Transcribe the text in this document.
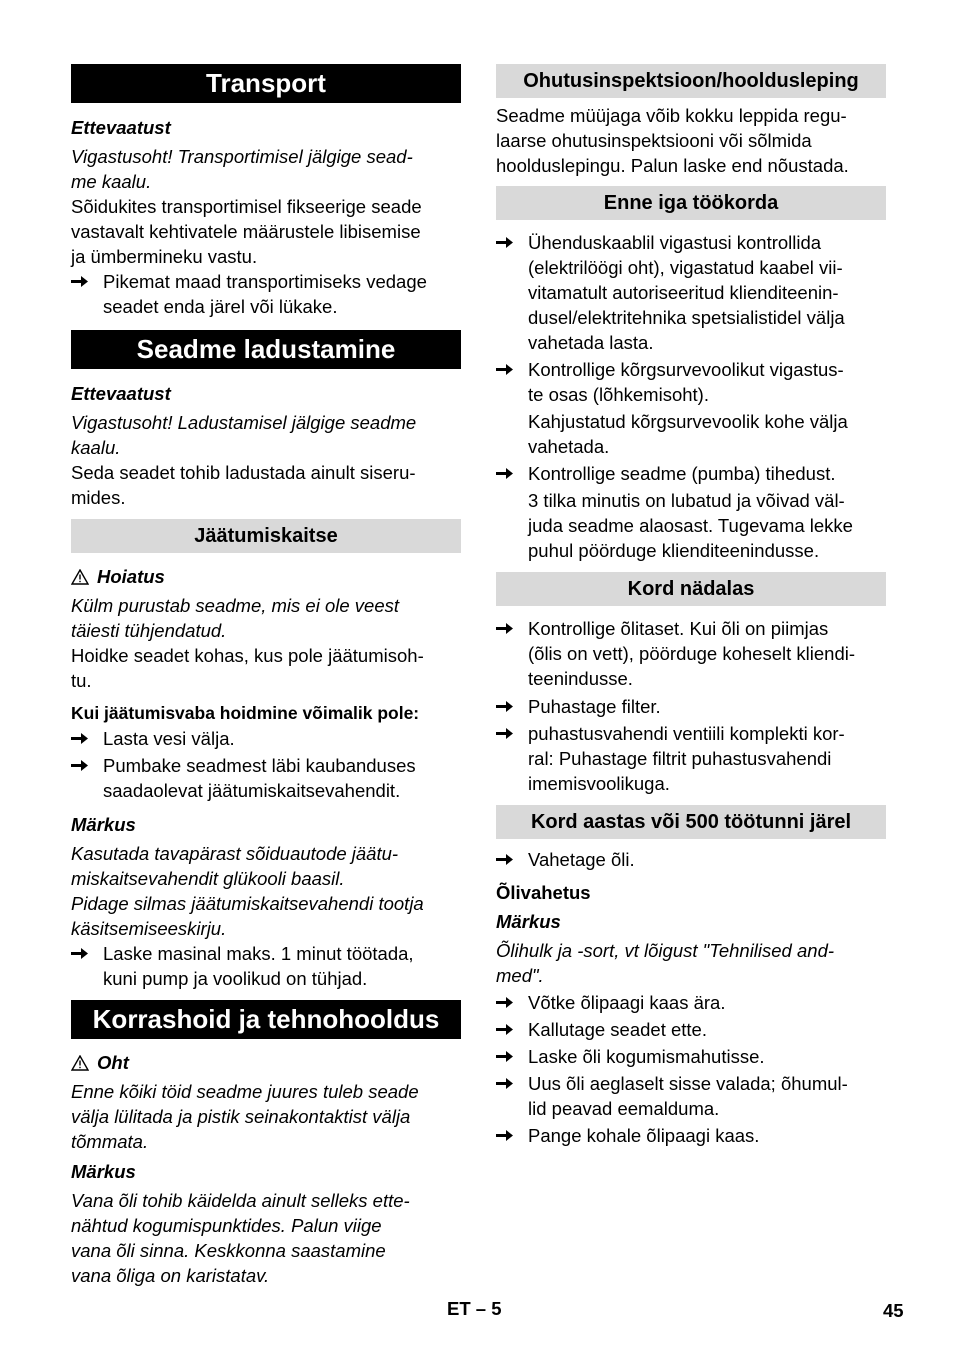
Transport
Ettevaatust
Vigastusoht! Transportimisel jälgige sead-
me kaalu.
Sõidukites transportimisel fikseerige seade
vastavalt kehtivatele määrustele libisemise
ja ümbermineku vastu.
Pikemat maad transportimiseks vedage
seadet enda järel või lükake.
Seadme ladustamine
Ettevaatust
Vigastusoht! Ladustamisel jälgige seadme
kaalu.
Seda seadet tohib ladustada ainult siseru-
mides.
Jäätumiskaitse
Hoiatus
Külm purustab seadme, mis ei ole veest
täiesti tühjendatud.
Hoidke seadet kohas, kus pole jäätumisoh-
tu.
Kui jäätumisvaba hoidmine võimalik pole:
Lasta vesi välja.
Pumbake seadmest läbi kaubanduses
saadaolevat jäätumiskaitsevahendit.
Märkus
Kasutada tavapärast sõiduautode jäätu-
miskaitsevahendit glükooli baasil.
Pidage silmas jäätumiskaitsevahendi tootja
käsitsemiseeskirju.
Laske masinal maks. 1 minut töötada,
kuni pump ja voolikud on tühjad.
Korrashoid ja tehnohooldus
Oht
Enne kõiki töid seadme juures tuleb seade
välja lülitada ja pistik seinakontaktist välja
tõmmata.
Märkus
Vana õli tohib käidelda ainult selleks ette-
nähtud kogumispunktides. Palun viige
vana õli sinna. Keskkonna saastamine
vana õliga on karistatav.
Ohutusinspektsioon/hooldusleping
Seadme müüjaga võib kokku leppida regu-
laarse ohutusinspektsiooni või sõlmida
hoolduslepingu. Palun laske end nõustada.
Enne iga töökorda
Ühenduskaablil vigastusi kontrollida
(elektrilöögi oht), vigastatud kaabel vii-
vitamatult autoriseeritud klienditeenin-
dusel/elektritehnika spetsialistidel välja
vahetada lasta.
Kontrollige kõrgsurvevoolikut vigastus-
te osas (lõhkemisoht).
Kahjustatud kõrgsurvevoolik kohe välja
vahetada.
Kontrollige seadme (pumba) tihedust.
3 tilka minutis on lubatud ja võivad väl-
juda seadme alaosast. Tugevama lekke
puhul pöörduge klienditeenindusse.
Kord nädalas
Kontrollige õlitaset. Kui õli on piimjas
(õlis on vett), pöörduge koheselt kliendi-
teenindusse.
Puhastage filter.
puhastusvahendi ventiili komplekti kor-
ral: Puhastage filtrit puhastusvahendi
imemisvoolikuga.
Kord aastas või 500 töötunni järel
Vahetage õli.
Õlivahetus
Märkus
Õlihulk ja -sort, vt lõigust "Tehnilised and-
med".
Võtke õlipaagi kaas ära.
Kallutage seadet ette.
Laske õli kogumismahutisse.
Uus õli aeglaselt sisse valada; õhumul-
lid peavad eemalduma.
Pange kohale õlipaagi kaas.
ET – 5	45
